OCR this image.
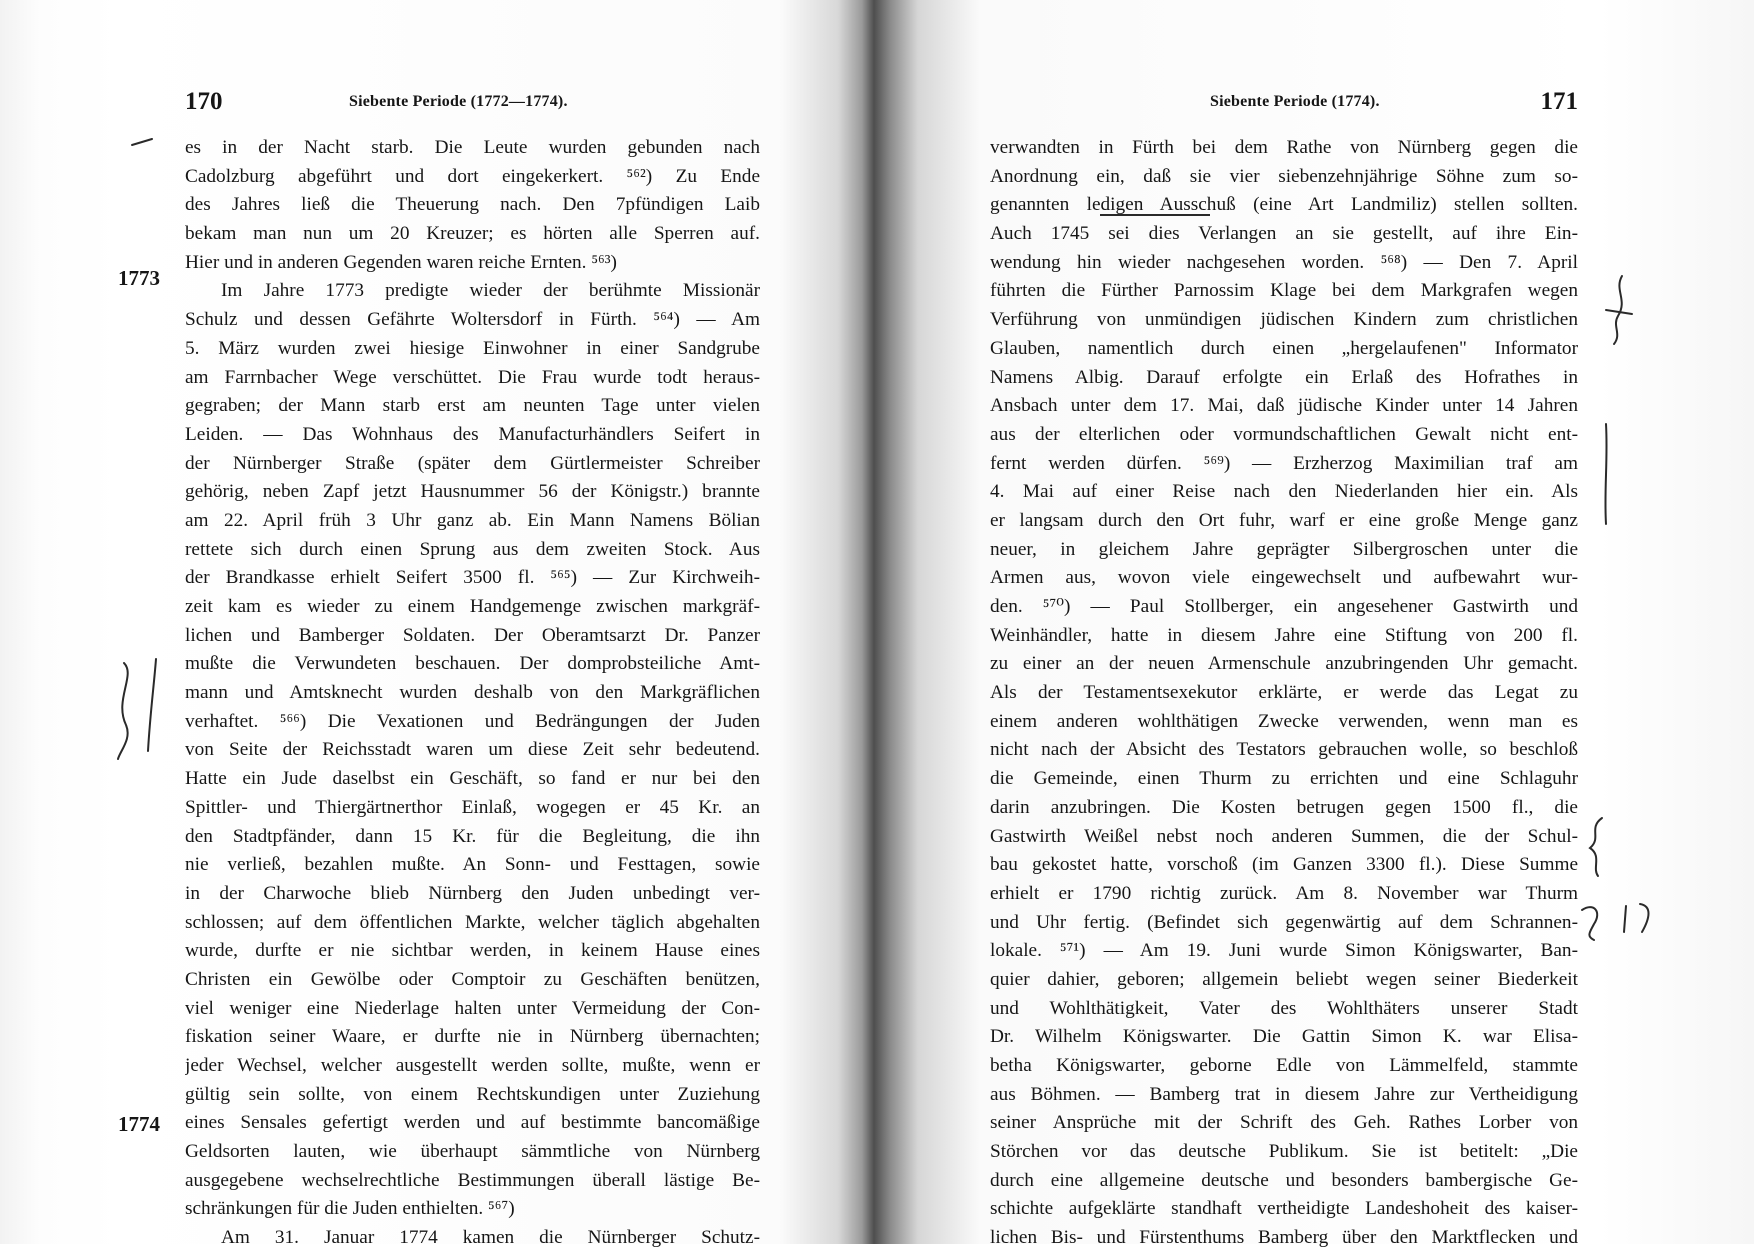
170	Siebente Periode (1772—1774).
1773
1774
es in der Nacht starb. Die Leute wurden gebunden nach
Cadolzburg abgeführt und dort eingekerkert. ⁵⁶²) Zu Ende
des Jahres ließ die Theuerung nach. Den 7pfündigen Laib
bekam man nun um 20 Kreuzer; es hörten alle Sperren auf.
Hier und in anderen Gegenden waren reiche Ernten. ⁵⁶³)
Im Jahre 1773 predigte wieder der berühmte Missionär
Schulz und dessen Gefährte Woltersdorf in Fürth. ⁵⁶⁴) — Am
5. März wurden zwei hiesige Einwohner in einer Sandgrube
am Farrnbacher Wege verschüttet. Die Frau wurde todt heraus-
gegraben; der Mann starb erst am neunten Tage unter vielen
Leiden. — Das Wohnhaus des Manufacturhändlers Seifert in
der Nürnberger Straße (später dem Gürtlermeister Schreiber
gehörig, neben Zapf jetzt Hausnummer 56 der Königstr.) brannte
am 22. April früh 3 Uhr ganz ab. Ein Mann Namens Bölian
rettete sich durch einen Sprung aus dem zweiten Stock. Aus
der Brandkasse erhielt Seifert 3500 fl. ⁵⁶⁵) — Zur Kirchweih-
zeit kam es wieder zu einem Handgemenge zwischen markgräf-
lichen und Bamberger Soldaten. Der Oberamtsarzt Dr. Panzer
mußte die Verwundeten beschauen. Der domprobsteiliche Amt-
mann und Amtsknecht wurden deshalb von den Markgräflichen
verhaftet. ⁵⁶⁶) Die Vexationen und Bedrängungen der Juden
von Seite der Reichsstadt waren um diese Zeit sehr bedeutend.
Hatte ein Jude daselbst ein Geschäft, so fand er nur bei den
Spittler- und Thiergärtnerthor Einlaß, wogegen er 45 Kr. an
den Stadtpfänder, dann 15 Kr. für die Begleitung, die ihn
nie verließ, bezahlen mußte. An Sonn- und Festtagen, sowie
in der Charwoche blieb Nürnberg den Juden unbedingt ver-
schlossen; auf dem öffentlichen Markte, welcher täglich abgehalten
wurde, durfte er nie sichtbar werden, in keinem Hause eines
Christen ein Gewölbe oder Comptoir zu Geschäften benützen,
viel weniger eine Niederlage halten unter Vermeidung der Con-
fiskation seiner Waare, er durfte nie in Nürnberg übernachten;
jeder Wechsel, welcher ausgestellt werden sollte, mußte, wenn er
gültig sein sollte, von einem Rechtskundigen unter Zuziehung
eines Sensales gefertigt werden und auf bestimmte bancomäßige
Geldsorten lauten, wie überhaupt sämmtliche von Nürnberg
ausgegebene wechselrechtliche Bestimmungen überall lästige Be-
schränkungen für die Juden enthielten. ⁵⁶⁷)
Am 31. Januar 1774 kamen die Nürnberger Schutz-
Siebente Periode (1774).	171
verwandten in Fürth bei dem Rathe von Nürnberg gegen die
Anordnung ein, daß sie vier siebenzehnjährige Söhne zum so-
genannten ledigen Ausschuß (eine Art Landmiliz) stellen sollten.
Auch 1745 sei dies Verlangen an sie gestellt, auf ihre Ein-
wendung hin wieder nachgesehen worden. ⁵⁶⁸) — Den 7. April
führten die Fürther Parnossim Klage bei dem Markgrafen wegen
Verführung von unmündigen jüdischen Kindern zum christlichen
Glauben, namentlich durch einen „hergelaufenen" Informator
Namens Albig. Darauf erfolgte ein Erlaß des Hofrathes in
Ansbach unter dem 17. Mai, daß jüdische Kinder unter 14 Jahren
aus der elterlichen oder vormundschaftlichen Gewalt nicht ent-
fernt werden dürfen. ⁵⁶⁹) — Erzherzog Maximilian traf am
4. Mai auf einer Reise nach den Niederlanden hier ein. Als
er langsam durch den Ort fuhr, warf er eine große Menge ganz
neuer, in gleichem Jahre geprägter Silbergroschen unter die
Armen aus, wovon viele eingewechselt und aufbewahrt wur-
den. ⁵⁷⁰) — Paul Stollberger, ein angesehener Gastwirth und
Weinhändler, hatte in diesem Jahre eine Stiftung von 200 fl.
zu einer an der neuen Armenschule anzubringenden Uhr gemacht.
Als der Testamentsexekutor erklärte, er werde das Legat zu
einem anderen wohlthätigen Zwecke verwenden, wenn man es
nicht nach der Absicht des Testators gebrauchen wolle, so beschloß
die Gemeinde, einen Thurm zu errichten und eine Schlaguhr
darin anzubringen. Die Kosten betrugen gegen 1500 fl., die
Gastwirth Weißel nebst noch anderen Summen, die der Schul-
bau gekostet hatte, vorschoß (im Ganzen 3300 fl.). Diese Summe
erhielt er 1790 richtig zurück. Am 8. November war Thurm
und Uhr fertig. (Befindet sich gegenwärtig auf dem Schrannen-
lokale. ⁵⁷¹) — Am 19. Juni wurde Simon Königswarter, Ban-
quier dahier, geboren; allgemein beliebt wegen seiner Biederkeit
und Wohlthätigkeit, Vater des Wohlthäters unserer Stadt
Dr. Wilhelm Königswarter. Die Gattin Simon K. war Elisa-
betha Königswarter, geborne Edle von Lämmelfeld, stammte
aus Böhmen. — Bamberg trat in diesem Jahre zur Vertheidigung
seiner Ansprüche mit der Schrift des Geh. Rathes Lorber von
Störchen vor das deutsche Publikum. Sie ist betitelt: „Die
durch eine allgemeine deutsche und besonders bambergische Ge-
schichte aufgeklärte standhaft vertheidigte Landeshoheit des kaiser-
lichen Bis- und Fürstenthums Bamberg über den Marktflecken und
